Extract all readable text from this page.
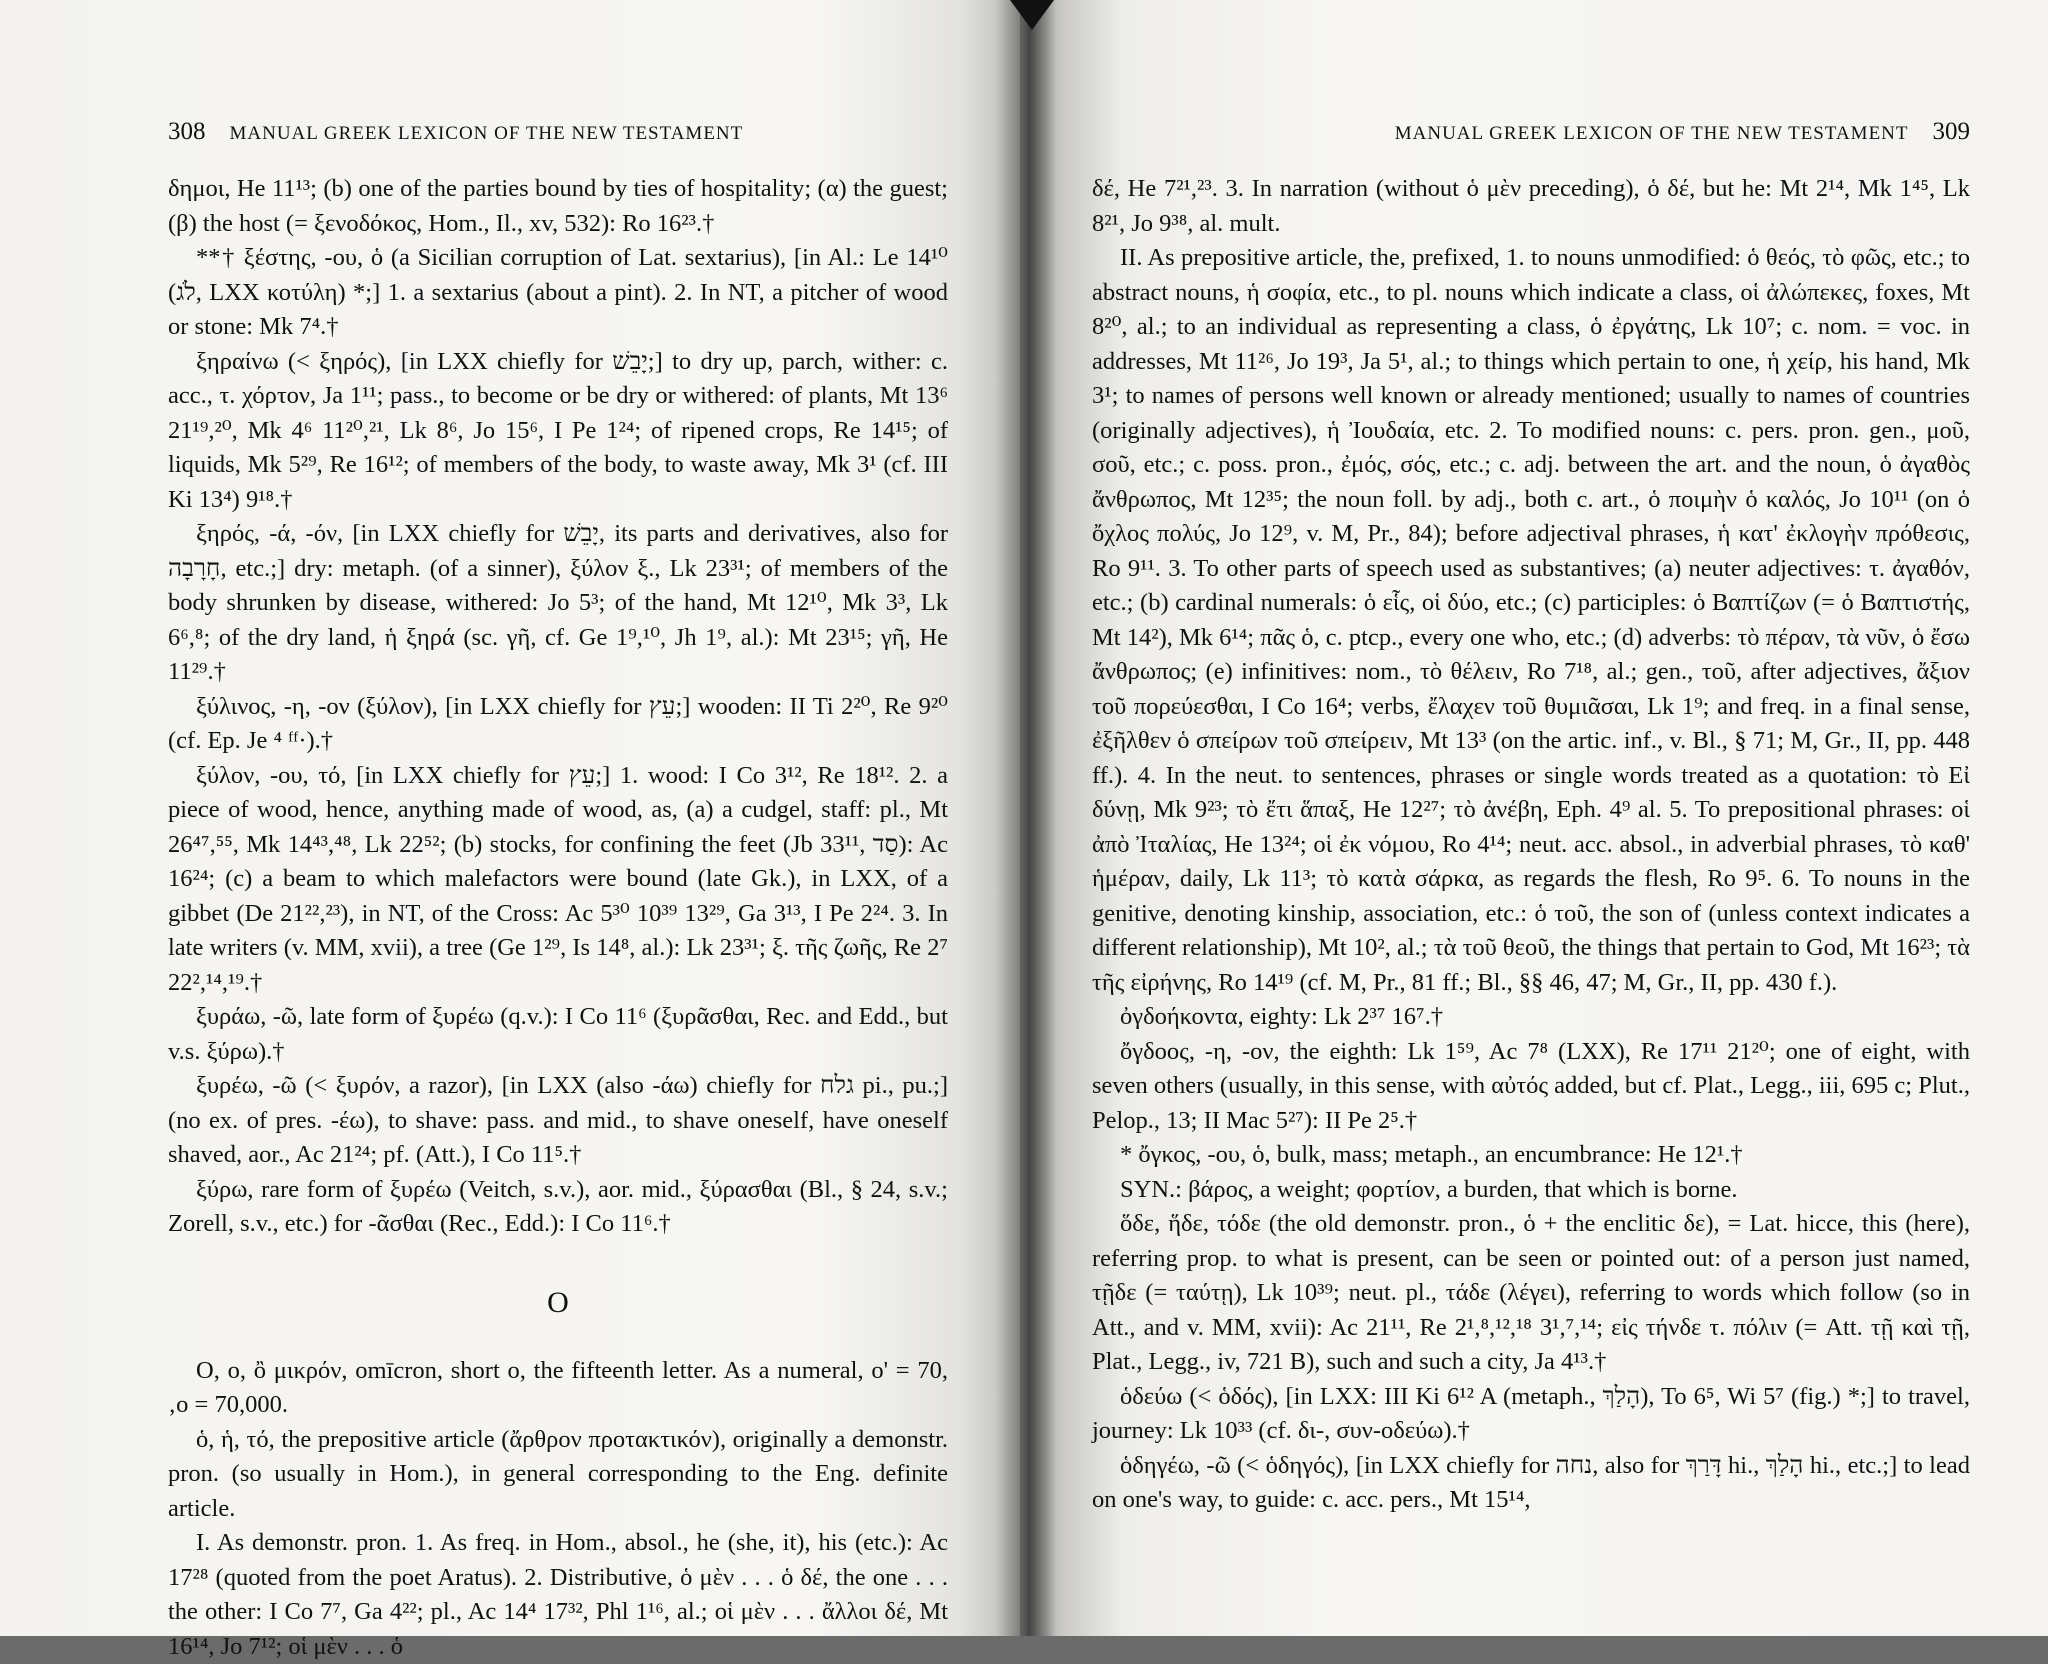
308 MANUAL GREEK LEXICON OF THE NEW TESTAMENT

δημοι, He 11¹³; (b) one of the parties bound by ties of hospitality; (α) the guest; (β) the host (= ξενοδόκος, Hom., Il., xv, 532): Ro 16²³.†

**† ξέστης, -ου, ὁ (a Sicilian corruption of Lat. sextarius), [in Al.: Le 14¹⁰ (לֹג, LXX κοτύλη) *;] 1. a sextarius (about a pint). 2. In NT, a pitcher of wood or stone: Mk 7⁴.†

ξηραίνω (< ξηρός), [in LXX chiefly for יָבֵשׁ;] to dry up, parch, wither: c. acc., τ. χόρτον, Ja 1¹¹; pass., to become or be dry or withered: of plants, Mt 13⁶ 21¹⁹,²⁰, Mk 4⁶ 11²⁰,²¹, Lk 8⁶, Jo 15⁶, I Pe 1²⁴; of ripened crops, Re 14¹⁵; of liquids, Mk 5²⁹, Re 16¹²; of members of the body, to waste away, Mk 3¹ (cf. III Ki 13⁴) 9¹⁸.†

ξηρός, -ά, -όν, [in LXX chiefly for יָבֵשׁ, its parts and derivatives, also for חָרָבָה, etc.;] dry: metaph. (of a sinner), ξύλον ξ., Lk 23³¹; of members of the body shrunken by disease, withered: Jo 5³; of the hand, Mt 12¹⁰, Mk 3³, Lk 6⁶,⁸; of the dry land, ἡ ξηρά (sc. γῆ, cf. Ge 1⁹,¹⁰, Jh 1⁹, al.): Mt 23¹⁵; γῆ, He 11²⁹.†

ξύλινος, -η, -ον (ξύλον), [in LXX chiefly for עֵץ;] wooden: II Ti 2²⁰, Re 9²⁰ (cf. Ep. Je ⁴ ᶠᶠ·).†

ξύλον, -ου, τό, [in LXX chiefly for עֵץ;] 1. wood: I Co 3¹², Re 18¹². 2. a piece of wood, hence, anything made of wood, as, (a) a cudgel, staff: pl., Mt 26⁴⁷,⁵⁵, Mk 14⁴³,⁴⁸, Lk 22⁵²; (b) stocks, for confining the feet (Jb 33¹¹, סַד): Ac 16²⁴; (c) a beam to which malefactors were bound (late Gk.), in LXX, of a gibbet (De 21²²,²³), in NT, of the Cross: Ac 5³⁰ 10³⁹ 13²⁹, Ga 3¹³, I Pe 2²⁴. 3. In late writers (v. MM, xvii), a tree (Ge 1²⁹, Is 14⁸, al.): Lk 23³¹; ξ. τῆς ζωῆς, Re 2⁷ 22²,¹⁴,¹⁹.†

ξυράω, -ῶ, late form of ξυρέω (q.v.): I Co 11⁶ (ξυρᾶσθαι, Rec. and Edd., but v.s. ξύρω).†

ξυρέω, -ῶ (< ξυρόν, a razor), [in LXX (also -άω) chiefly for גלח pi., pu.;] (no ex. of pres. -έω), to shave: pass. and mid., to shave oneself, have oneself shaved, aor., Ac 21²⁴; pf. (Att.), I Co 11⁵.†

ξύρω, rare form of ξυρέω (Veitch, s.v.), aor. mid., ξύρασθαι (Bl., § 24, s.v.; Zorell, s.v., etc.) for -ᾶσθαι (Rec., Edd.): I Co 11⁶.†

O

Ο, ο, ὂ μικρόν, omīcron, short o, the fifteenth letter. As a numeral, ο' = 70, ‚ο = 70,000.

ὁ, ἡ, τό, the prepositive article (ἄρθρον προτακτικόν), originally a demonstr. pron. (so usually in Hom.), in general corresponding to the Eng. definite article.

I. As demonstr. pron. 1. As freq. in Hom., absol., he (she, it), his (etc.): Ac 17²⁸ (quoted from the poet Aratus). 2. Distributive, ὁ μὲν . . . ὁ δέ, the one . . . the other: I Co 7⁷, Ga 4²²; pl., Ac 14⁴ 17³², Phl 1¹⁶, al.; οἱ μὲν . . . ἄλλοι δέ, Mt 16¹⁴, Jo 7¹²; οἱ μὲν . . . ὁ

MANUAL GREEK LEXICON OF THE NEW TESTAMENT 309

δέ, He 7²¹,²³. 3. In narration (without ὁ μὲν preceding), ὁ δέ, but he: Mt 2¹⁴, Mk 1⁴⁵, Lk 8²¹, Jo 9³⁸, al. mult.

II. As prepositive article, the, prefixed, 1. to nouns unmodified: ὁ θεός, τὸ φῶς, etc.; to abstract nouns, ἡ σοφία, etc., to pl. nouns which indicate a class, οἱ ἀλώπεκες, foxes, Mt 8²⁰, al.; to an individual as representing a class, ὁ ἐργάτης, Lk 10⁷; c. nom. = voc. in addresses, Mt 11²⁶, Jo 19³, Ja 5¹, al.; to things which pertain to one, ἡ χείρ, his hand, Mk 3¹; to names of persons well known or already mentioned; usually to names of countries (originally adjectives), ἡ Ἰουδαία, etc. 2. To modified nouns: c. pers. pron. gen., μοῦ, σοῦ, etc.; c. poss. pron., ἐμός, σός, etc.; c. adj. between the art. and the noun, ὁ ἀγαθὸς ἄνθρωπος, Mt 12³⁵; the noun foll. by adj., both c. art., ὁ ποιμὴν ὁ καλός, Jo 10¹¹ (on ὁ ὄχλος πολύς, Jo 12⁹, v. M, Pr., 84); before adjectival phrases, ἡ κατ' ἐκλογὴν πρόθεσις, Ro 9¹¹. 3. To other parts of speech used as substantives; (a) neuter adjectives: τ. ἀγαθόν, etc.; (b) cardinal numerals: ὁ εἷς, οἱ δύο, etc.; (c) participles: ὁ Βαπτίζων (= ὁ Βαπτιστής, Mt 14²), Mk 6¹⁴; πᾶς ὁ, c. ptcp., every one who, etc.; (d) adverbs: τὸ πέραν, τὰ νῦν, ὁ ἔσω ἄνθρωπος; (e) infinitives: nom., τὸ θέλειν, Ro 7¹⁸, al.; gen., τοῦ, after adjectives, ἄξιον τοῦ πορεύεσθαι, I Co 16⁴; verbs, ἔλαχεν τοῦ θυμιᾶσαι, Lk 1⁹; and freq. in a final sense, ἐξῆλθεν ὁ σπείρων τοῦ σπείρειν, Mt 13³ (on the artic. inf., v. Bl., § 71; M, Gr., II, pp. 448 ff.). 4. In the neut. to sentences, phrases or single words treated as a quotation: τὸ Εἰ δύνῃ, Mk 9²³; τὸ ἔτι ἅπαξ, He 12²⁷; τὸ ἀνέβη, Eph. 4⁹ al. 5. To prepositional phrases: οἱ ἀπὸ Ἰταλίας, He 13²⁴; οἱ ἐκ νόμου, Ro 4¹⁴; neut. acc. absol., in adverbial phrases, τὸ καθ' ἡμέραν, daily, Lk 11³; τὸ κατὰ σάρκα, as regards the flesh, Ro 9⁵. 6. To nouns in the genitive, denoting kinship, association, etc.: ὁ τοῦ, the son of (unless context indicates a different relationship), Mt 10², al.; τὰ τοῦ θεοῦ, the things that pertain to God, Mt 16²³; τὰ τῆς εἰρήνης, Ro 14¹⁹ (cf. M, Pr., 81 ff.; Bl., §§ 46, 47; M, Gr., II, pp. 430 f.).

ὀγδοήκοντα, eighty: Lk 2³⁷ 16⁷.†

ὄγδοος, -η, -ον, the eighth: Lk 1⁵⁹, Ac 7⁸ (LXX), Re 17¹¹ 21²⁰; one of eight, with seven others (usually, in this sense, with αὐτός added, but cf. Plat., Legg., iii, 695 c; Plut., Pelop., 13; II Mac 5²⁷): II Pe 2⁵.†

* ὄγκος, -ου, ὁ, bulk, mass; metaph., an encumbrance: He 12¹.†

SYN.: βάρος, a weight; φορτίον, a burden, that which is borne.

ὅδε, ἥδε, τόδε (the old demonstr. pron., ὁ + the enclitic δε), = Lat. hicce, this (here), referring prop. to what is present, can be seen or pointed out: of a person just named, τῇδε (= ταύτῃ), Lk 10³⁹; neut. pl., τάδε (λέγει), referring to words which follow (so in Att., and v. MM, xvii): Ac 21¹¹, Re 2¹,⁸,¹²,¹⁸ 3¹,⁷,¹⁴; εἰς τήνδε τ. πόλιν (= Att. τῇ καὶ τῇ, Plat., Legg., iv, 721 B), such and such a city, Ja 4¹³.†

ὁδεύω (< ὁδός), [in LXX: III Ki 6¹² A (metaph., הָלַךְ), To 6⁵, Wi 5⁷ (fig.) *;] to travel, journey: Lk 10³³ (cf. δι-, συν-οδεύω).†

ὁδηγέω, -ῶ (< ὁδηγός), [in LXX chiefly for נחה, also for דָּרַךְ hi., הָלַךְ hi., etc.;] to lead on one's way, to guide: c. acc. pers., Mt 15¹⁴,
